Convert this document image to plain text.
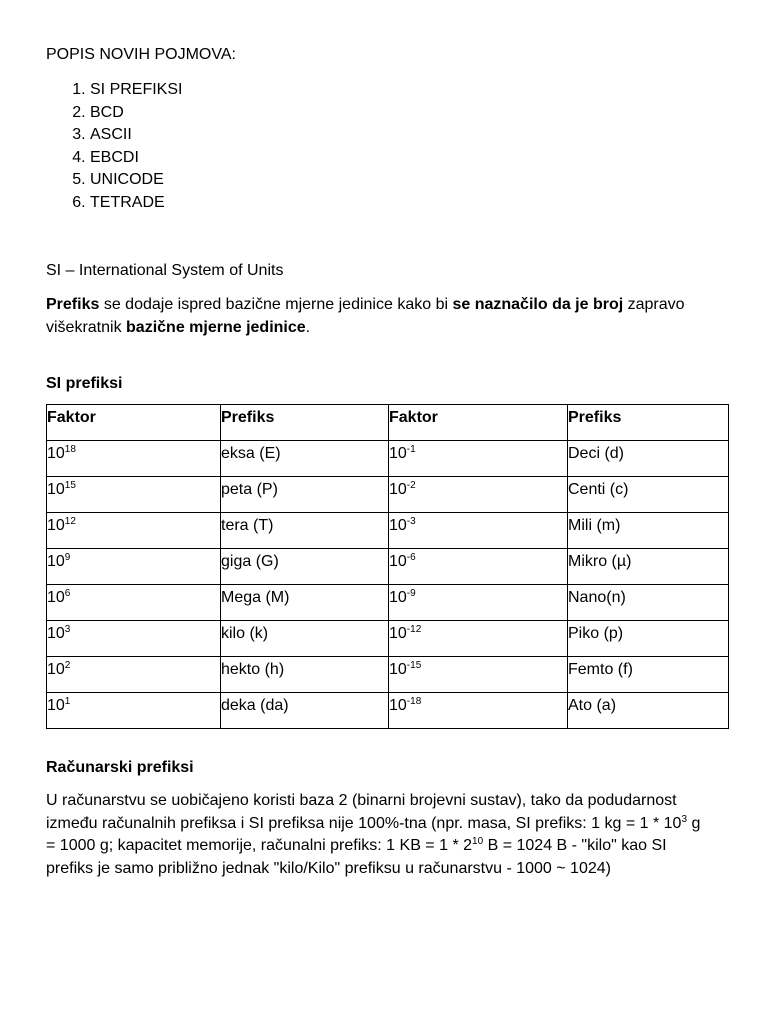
POPIS NOVIH POJMOVA:

1. SI PREFIKSI
2. BCD
3. ASCII
4. EBCDI
5. UNICODE
6. TETRADE
SI – International System of Units
Prefiks se dodaje ispred bazične mjerne jedinice kako bi se naznačilo da je broj zapravo višekratnik bazične mjerne jedinice.
SI prefiksi
Faktor	Prefiks	Faktor	Prefiks
$10^{18}$	eksa (E)	$10^{-1}$	Deci (d)
$10^{15}$	peta (P)	$10^{-2}$	Centi (c)
$10^{12}$	tera (T)	$10^{-3}$	Mili (m)
$10^9$	giga (G)	$10^{-6}$	Mikro (µ)
$10^6$	Mega (M)	$10^{-9}$	Nano(n)
$10^3$	kilo (k)	$10^{-12}$	Piko (p)
$10^2$	hekto (h)	$10^{-15}$	Femto (f)
$10^1$	deka (da)	$10^{-18}$	Ato (a)
Računarski prefiksi
U računarstvu se uobičajeno koristi baza 2 (binarni brojevni sustav), tako da podudarnost između računalnih prefiksa i SI prefiksa nije 100%-tna (npr. masa, SI prefiks: 1 kg = $1 * 10^3$ g = 1000 g; kapacitet memorije, računalni prefiks: 1 KB = $1 * 2^{10}$ B = 1024 B - "kilo" kao SI prefiks je samo približno jednak "kilo/Kilo" prefiksu u računarstvu - 1000 ~ 1024)
